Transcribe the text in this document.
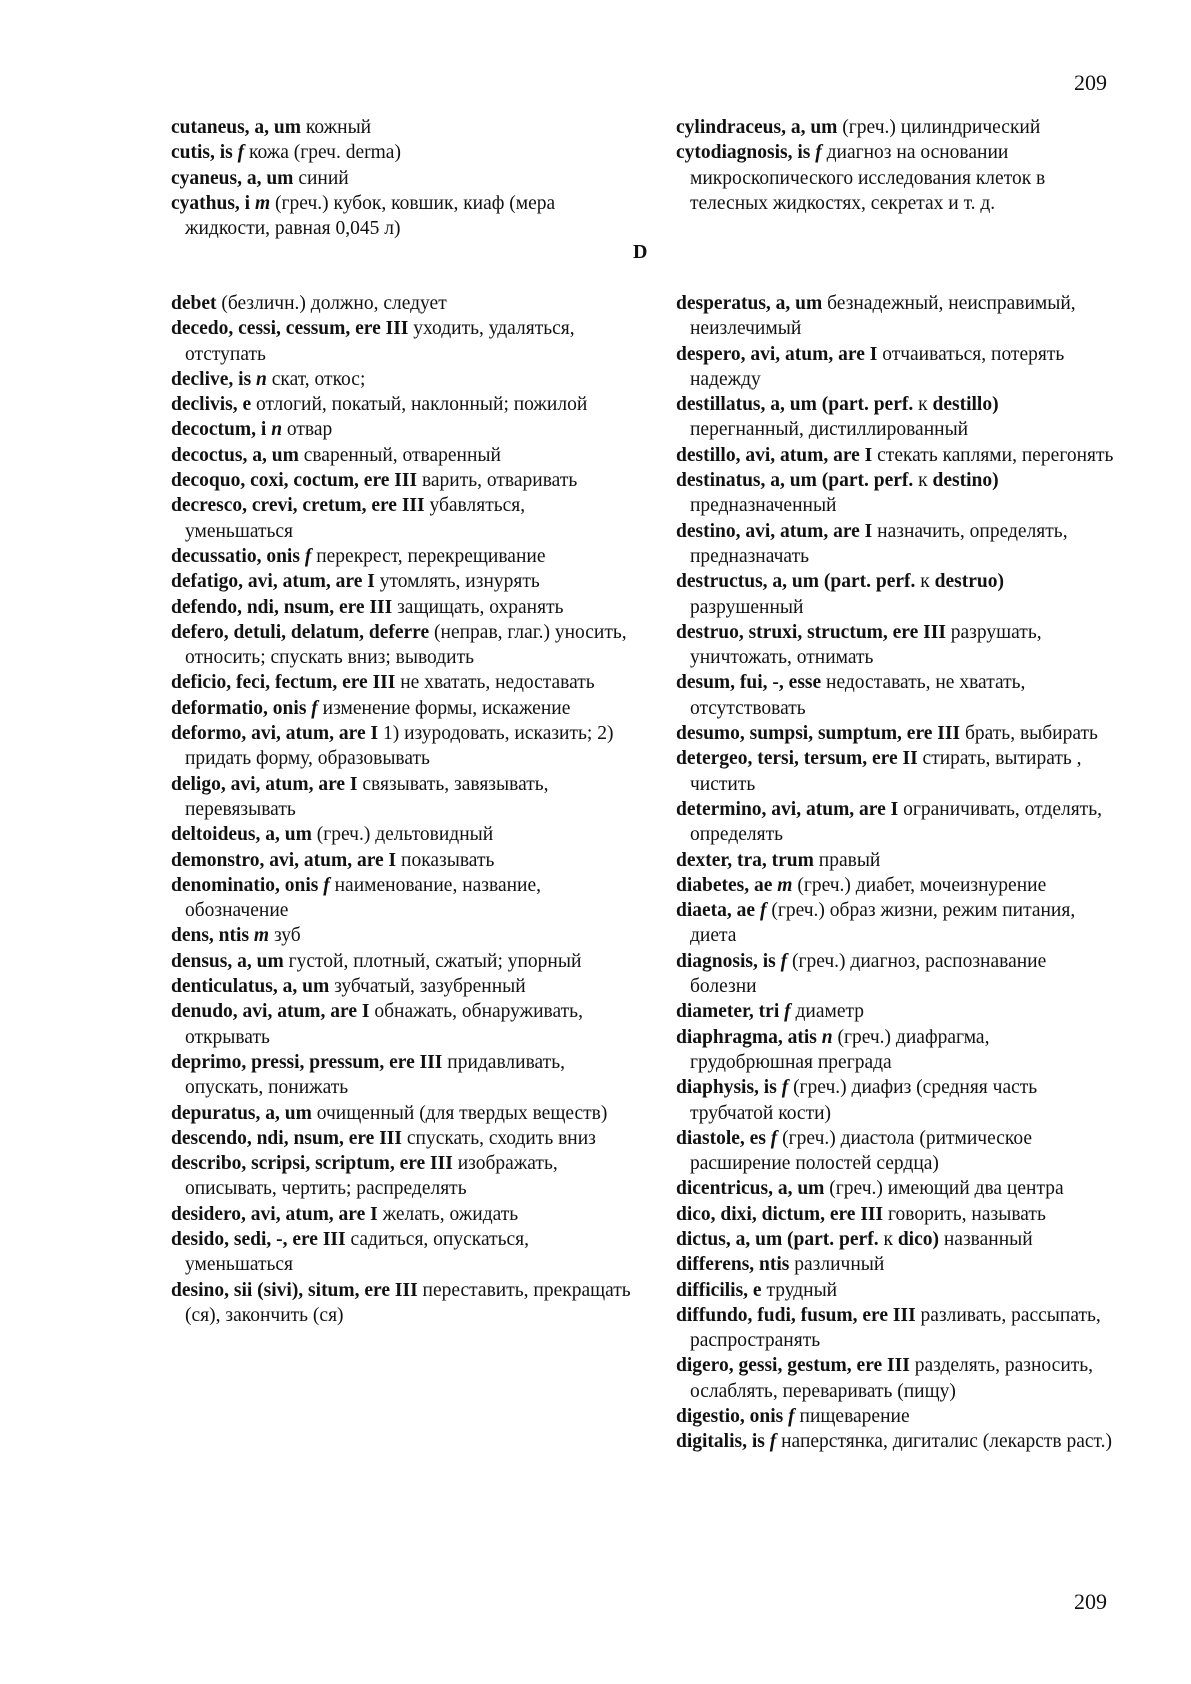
209
cutaneus, a, um кожный
cutis, is f кожа (греч. derma)
cyaneus, a, um синий
cyathus, i m (греч.) кубок, ковшик, киаф (мера жидкости, равная 0,045 л)
cylindraceus, a, um (греч.) цилиндрический
cytodiagnosis, is f диагноз на основании микроскопического исследования клеток в телесных жидкостях, секретах и т. д.
D
debet (безличн.) должно, следует
decedo, cessi, cessum, ere III уходить, удаляться, отступать
declive, is n скат, откос;
declivis, e отлогий, покатый, наклонный; пожилой
decoctum, i n отвар
decoctus, a, um сваренный, отваренный
decoquo, coxi, coctum, ere III варить, отваривать
decresco, crevi, cretum, ere III убавляться, уменьшаться
decussatio, onis f перекрест, перекрещивание
defatigo, avi, atum, are I утомлять, изнурять
defendo, ndi, nsum, ere III защищать, охранять
defero, detuli, delatum, deferre (неправ, глаг.) уносить, относить; спускать вниз; выводить
deficio, feci, fectum, ere III не хватать, недоставать
deformatio, onis f изменение формы, искажение
deformo, avi, atum, are I 1) изуродовать, исказить; 2) придать форму, образовывать
deligo, avi, atum, are I связывать, завязывать, перевязывать
deltoideus, a, um (греч.) дельтовидный
demonstro, avi, atum, are I показывать
denominatio, onis f наименование, название, обозначение
dens, ntis m зуб
densus, a, um густой, плотный, сжатый; упорный
denticulatus, a, um зубчатый, зазубренный
denudo, avi, atum, are I обнажать, обнаруживать, открывать
deprimo, pressi, pressum, ere III придавливать, опускать, понижать
depuratus, a, um очищенный (для твердых веществ)
descendo, ndi, nsum, ere III спускать, сходить вниз
describo, scripsi, scriptum, ere III изображать, описывать, чертить; распределять
desidero, avi, atum, are I желать, ожидать
desido, sedi, -, ere III садиться, опускаться, уменьшаться
desino, sii (sivi), situm, ere III переставить, прекращать (ся), закончить (ся)
desperatus, a, um безнадежный, неисправимый, неизлечимый
despero, avi, atum, are I отчаиваться, потерять надежду
destillatus, a, um (part. perf. к destillo) перегнанный, дистиллированный
destillo, avi, atum, are I стекать каплями, перегонять
destinatus, a, um (part. perf. к destino) предназначенный
destino, avi, atum, are I назначить, определять, предназначать
destructus, a, um (part. perf. к destruo) разрушенный
destruo, struxi, structum, ere III разрушать, уничтожать, отнимать
desum, fui, -, esse недоставать, не хватать, отсутствовать
desumo, sumpsi, sumptum, ere III брать, выбирать
detergeo, tersi, tersum, ere II стирать, вытирать , чистить
determino, avi, atum, are I ограничивать, отделять, определять
dexter, tra, trum правый
diabetes, ae m (греч.) диабет, мочеизнурение
diaeta, ae f (греч.) образ жизни, режим питания, диета
diagnosis, is f (греч.) диагноз, распознавание болезни
diameter, tri f диаметр
diaphragma, atis n (греч.) диафрагма, грудобрюшная преграда
diaphysis, is f (греч.) диафиз (средняя часть трубчатой кости)
diastole, es f (греч.) диастола (ритмическое расширение полостей сердца)
dicentricus, a, um (греч.) имеющий два центра
dico, dixi, dictum, ere III говорить, называть
dictus, a, um (part. perf. к dico) названный
differens, ntis различный
difficilis, e трудный
diffundo, fudi, fusum, ere III разливать, рассыпать, распространять
digero, gessi, gestum, ere III разделять, разносить, ослаблять, переваривать (пищу)
digestio, onis f пищеварение
digitalis, is f наперстянка, дигиталис (лекарств раст.)
209
